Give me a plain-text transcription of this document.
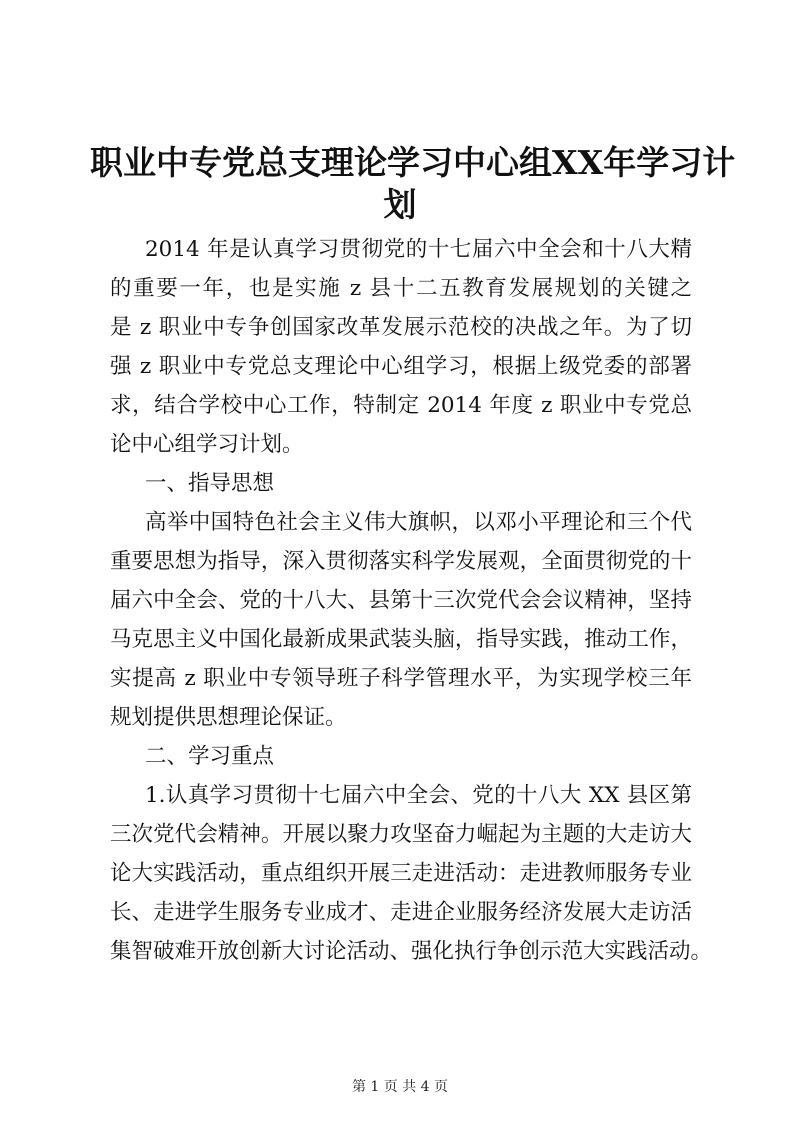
职业中专党总支理论学习中心组XX年学习计
划
2014 年是认真学习贯彻党的十七届六中全会和十八大精
的重要一年，也是实施 z 县十二五教育发展规划的关键之
是 z 职业中专争创国家改革发展示范校的决战之年。为了切
强 z 职业中专党总支理论中心组学习，根据上级党委的部署
求，结合学校中心工作，特制定 2014 年度 z 职业中专党总
论中心组学习计划。
一、指导思想
高举中国特色社会主义伟大旗帜，以邓小平理论和三个代
重要思想为指导，深入贯彻落实科学发展观，全面贯彻党的十
届六中全会、党的十八大、县第十三次党代会会议精神，坚持
马克思主义中国化最新成果武装头脑，指导实践，推动工作，
实提高 z 职业中专领导班子科学管理水平，为实现学校三年
规划提供思想理论保证。
二、学习重点
1.认真学习贯彻十七届六中全会、党的十八大 XX 县区第
三次党代会精神。开展以聚力攻坚奋力崛起为主题的大走访大
论大实践活动，重点组织开展三走进活动：走进教师服务专业
长、走进学生服务专业成才、走进企业服务经济发展大走访活
集智破难开放创新大讨论活动、强化执行争创示范大实践活动。
第 1 页 共 4 页
